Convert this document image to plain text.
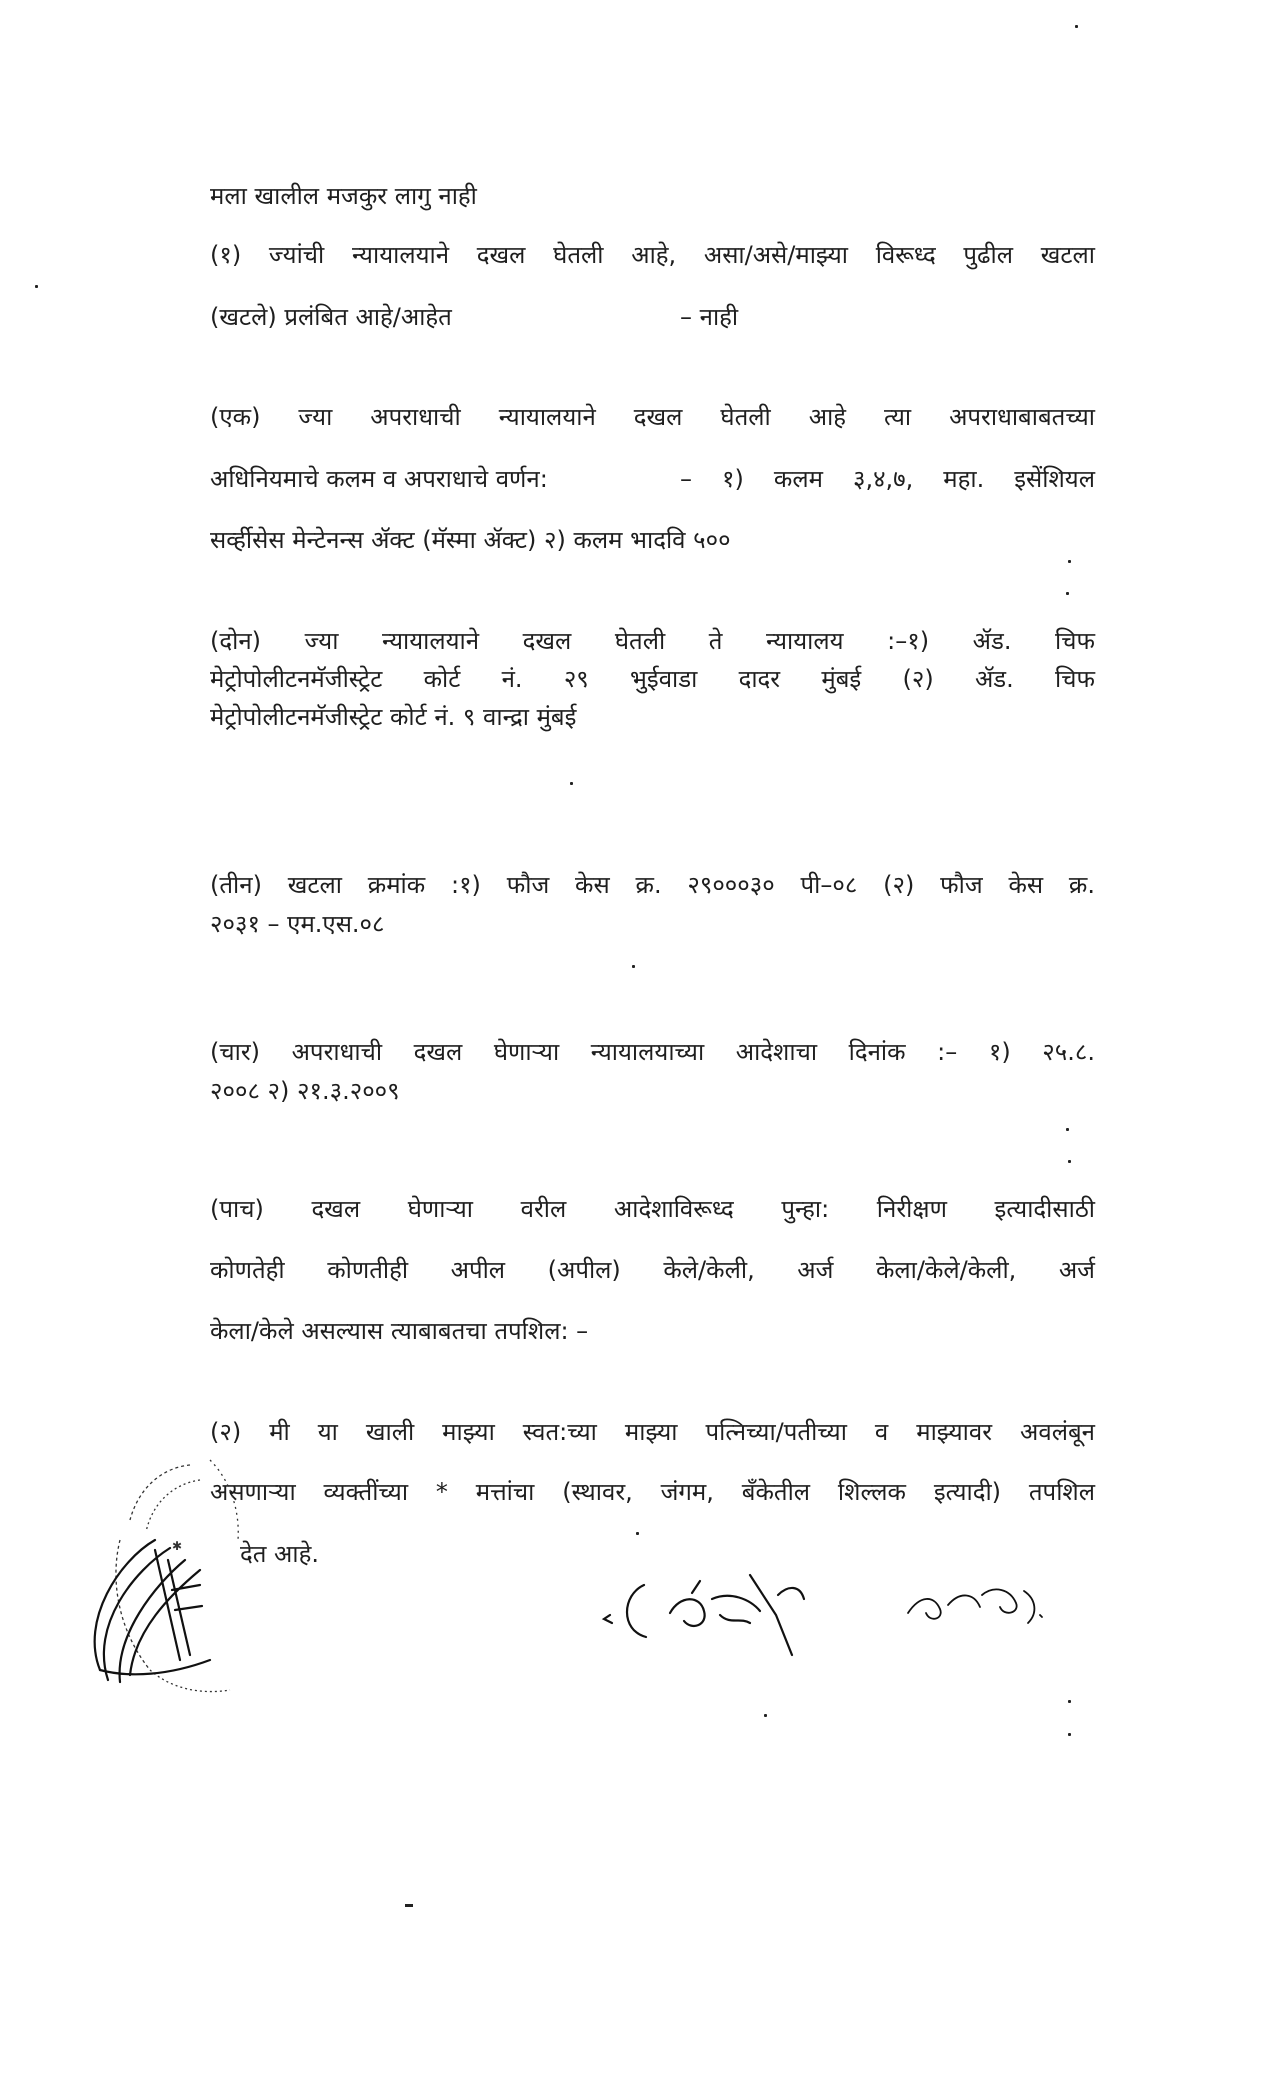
मला खालील मजकुर लागु नाही
(१) ज्यांची न्यायालयाने दखल घेतली आहे, असा/असे/माझ्या विरूध्द पुढील खटला
(खटले) प्रलंबित आहे/आहेत	– नाही
(एक) ज्या अपराधाची न्यायालयाने दखल घेतली आहे त्या अपराधाबाबतच्या
अधिनियमाचे कलम व अपराधाचे वर्णन:	– १) कलम ३,४,७, महा. इसेंशियल
सर्व्हीसेस मेन्टेनन्स ॲक्ट (मॅस्मा ॲक्ट) २) कलम भादवि ५००
(दोन) ज्या न्यायालयाने दखल घेतली ते न्यायालय :–१) ॲड. चिफ
मेट्रोपोलीटनमॅजीस्ट्रेट कोर्ट नं. २९ भुईवाडा दादर मुंबई (२) ॲड. चिफ
मेट्रोपोलीटनमॅजीस्ट्रेट कोर्ट नं. ९ वान्द्रा मुंबई
(तीन) खटला क्रमांक :१) फौज केस क्र. २९०००३० पी–०८ (२) फौज केस क्र.
२०३१ – एम.एस.०८
(चार) अपराधाची दखल घेणाऱ्या न्यायालयाच्या आदेशाचा दिनांक :– १) २५.८.
२००८ २) २१.३.२००९
(पाच) दखल घेणाऱ्या वरील आदेशाविरूध्द पुन्हा: निरीक्षण इत्यादीसाठी
कोणतेही कोणतीही अपील (अपील) केले/केली, अर्ज केला/केले/केली, अर्ज
केला/केले असल्यास त्याबाबतचा तपशिल: –
(२) मी या खाली माझ्या स्वत:च्या माझ्या पत्निच्या/पतीच्या व माझ्यावर अवलंबून
असणाऱ्या व्यक्तींच्या * मत्तांचा (स्थावर, जंगम, बँकेतील शिल्लक इत्यादी) तपशिल
देत आहे.
✱
